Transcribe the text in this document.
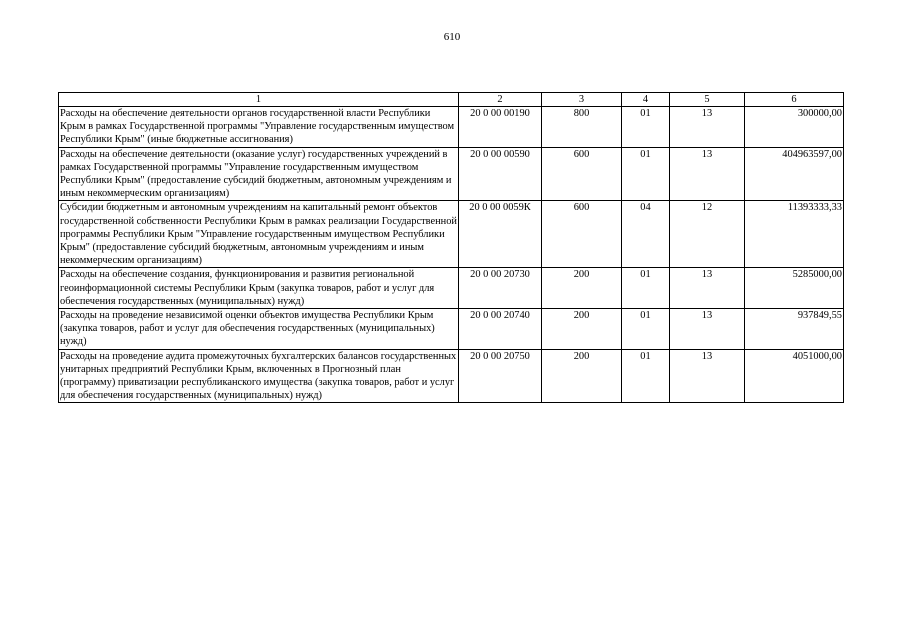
610
1	2	3	4	5	6
Расходы на обеспечение деятельности органов государственной власти Республики Крым в рамках Государственной программы "Управление государственным имуществом Республики Крым" (иные бюджетные ассигнования)	20 0 00 00190	800	01	13	300000,00
Расходы на обеспечение деятельности (оказание услуг) государственных учреждений в рамках Государственной программы "Управление государственным имуществом Республики Крым" (предоставление субсидий бюджетным, автономным учреждениям и иным некоммерческим организациям)	20 0 00 00590	600	01	13	404963597,00
Субсидии бюджетным и автономным учреждениям на капитальный ремонт объектов государственной собственности Республики Крым в рамках реализации Государственной программы Республики Крым "Управление государственным имуществом Республики Крым" (предоставление субсидий бюджетным, автономным учреждениям и иным некоммерческим организациям)	20 0 00 0059К	600	04	12	11393333,33
Расходы на обеспечение создания, функционирования и развития региональной геоинформационной системы Республики Крым (закупка товаров, работ и услуг для обеспечения государственных (муниципальных) нужд)	20 0 00 20730	200	01	13	5285000,00
Расходы на проведение независимой оценки объектов имущества Республики Крым (закупка товаров, работ и услуг для обеспечения государственных (муниципальных) нужд)	20 0 00 20740	200	01	13	937849,55
Расходы на проведение аудита промежуточных бухгалтерских балансов государственных унитарных предприятий Республики Крым, включенных в Прогнозный план (программу) приватизации республиканского имущества (закупка товаров, работ и услуг для обеспечения государственных (муниципальных) нужд)	20 0 00 20750	200	01	13	4051000,00
